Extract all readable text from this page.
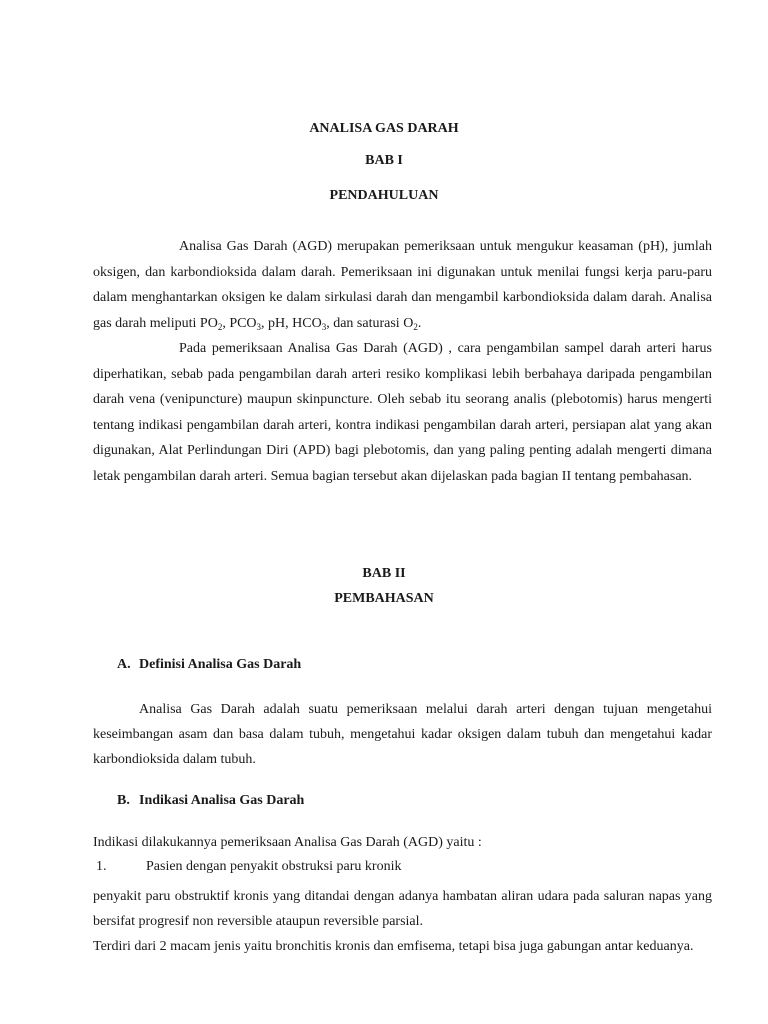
ANALISA GAS DARAH

BAB I

PENDAHULUAN

Analisa Gas Darah (AGD) merupakan pemeriksaan untuk mengukur keasaman (pH), jumlah oksigen, dan karbondioksida dalam darah. Pemeriksaan ini digunakan untuk menilai fungsi kerja paru-paru dalam menghantarkan oksigen ke dalam sirkulasi darah dan mengambil karbondioksida dalam darah. Analisa gas darah meliputi $PO_2$, $PCO_3$, pH, $HCO_3$, dan saturasi $O_2$.

Pada pemeriksaan Analisa Gas Darah (AGD) , cara pengambilan sampel darah arteri harus diperhatikan, sebab pada pengambilan darah arteri resiko komplikasi lebih berbahaya daripada pengambilan darah vena (venipuncture) maupun skinpuncture. Oleh sebab itu seorang analis (plebotomis) harus mengerti tentang indikasi pengambilan darah arteri, kontra indikasi pengambilan darah arteri, persiapan alat yang akan digunakan, Alat Perlindungan Diri (APD) bagi plebotomis, dan yang paling penting adalah mengerti dimana letak pengambilan darah arteri. Semua bagian tersebut akan dijelaskan pada bagian II tentang pembahasan.

BAB II

PEMBAHASAN

A. Definisi Analisa Gas Darah

Analisa Gas Darah adalah suatu pemeriksaan melalui darah arteri dengan tujuan mengetahui keseimbangan asam dan basa dalam tubuh, mengetahui kadar oksigen dalam tubuh dan mengetahui kadar karbondioksida dalam tubuh.

B. Indikasi Analisa Gas Darah

Indikasi dilakukannya pemeriksaan Analisa Gas Darah (AGD) yaitu :

1.	Pasien dengan penyakit obstruksi paru kronik

penyakit paru obstruktif kronis yang ditandai dengan adanya hambatan aliran udara pada saluran napas yang bersifat progresif non reversible ataupun reversible parsial.

Terdiri dari 2 macam jenis yaitu bronchitis kronis dan emfisema, tetapi bisa juga gabungan antar keduanya.
